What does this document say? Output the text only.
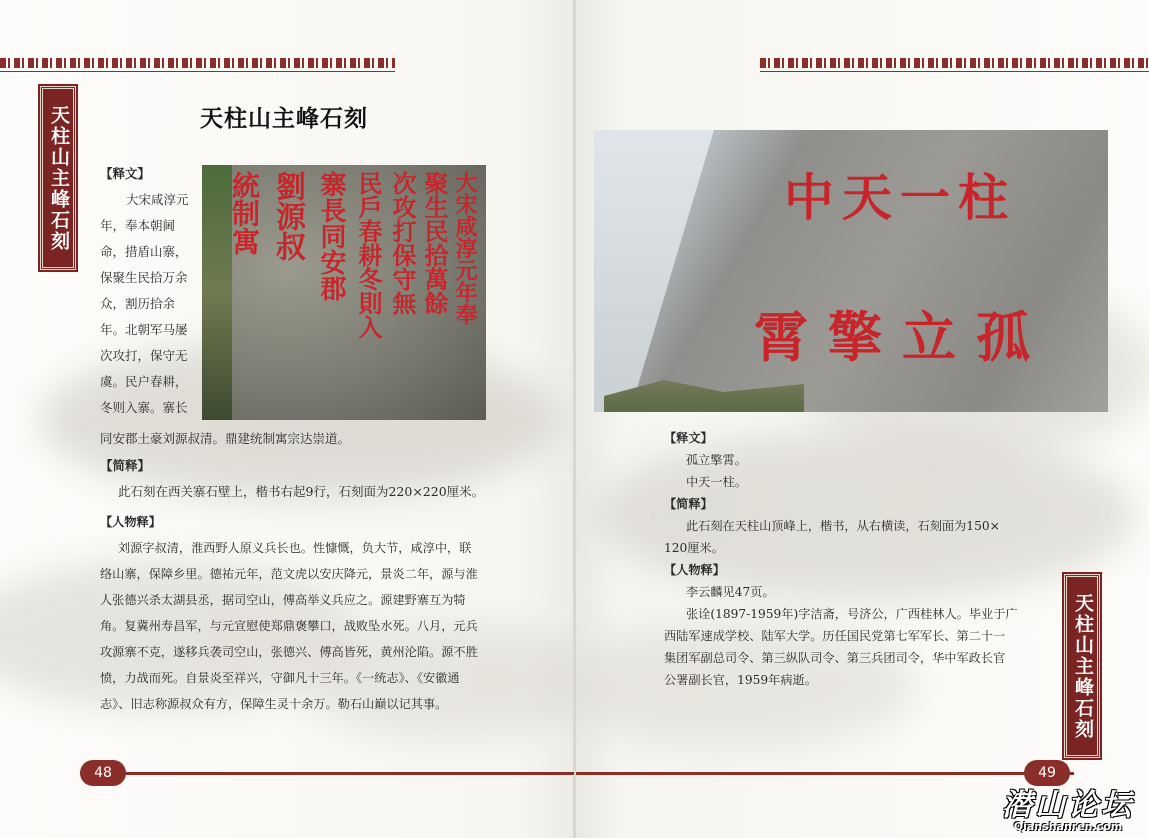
天柱山主峰石刻
天柱山主峰石刻
天柱山主峰石刻
大宋咸淳元年奉
聚生民拾萬餘
次攻打保守無
民戶春耕冬則入
寨長同安郡
劉源叔
統制寓
【释文】
大宋咸淳元
年，奉本朝阃
命，措盾山寨，
保聚生民拾万余
众，割历拾余
年。北朝军马屡
次攻打，保守无
虞。民户春耕，
冬则入寨。寨长
同安郡土豪刘源叔清。鼎建统制寓宗达崇道。
【简释】
此石刻在西关寨石壁上，楷书右起9行，石刻面为220×220厘米。
【人物释】
刘源字叔清，淮西野人原义兵长也。性慷慨，负大节，咸淳中，联
络山寨，保障乡里。德祐元年，范文虎以安庆降元，景炎二年，源与淮
人张德兴杀太湖县丞，据司空山，傅高举义兵应之。源建野寨互为犄
角。复冀州寿昌军，与元宣慰使郑鼎褒攀口，战败坠水死。八月，元兵
攻源寨不克，遂移兵袭司空山，张德兴、傅高皆死，黄州沦陷。源不胜
愤，力战而死。自景炎至祥兴，守御凡十三年。《一统志》、《安徽通
志》、旧志称源叔众有方，保障生灵十余万。勒石山巅以记其事。
中天一柱
孤立擎霄
【释文】
孤立擎霄。
中天一柱。
【简释】
此石刻在天柱山顶峰上，楷书，从右横读，石刻面为150×
120厘米。
【人物释】
李云麟见47页。
张诠(1897-1959年)字洁斋，号济公，广西桂林人。毕业于广
西陆军速成学校、陆军大学。历任国民党第七军军长、第二十一
集团军副总司令、第三纵队司令、第三兵团司令，华中军政长官
公署副长官，1959年病逝。
48	49
潜山论坛
Qianshanren.com
